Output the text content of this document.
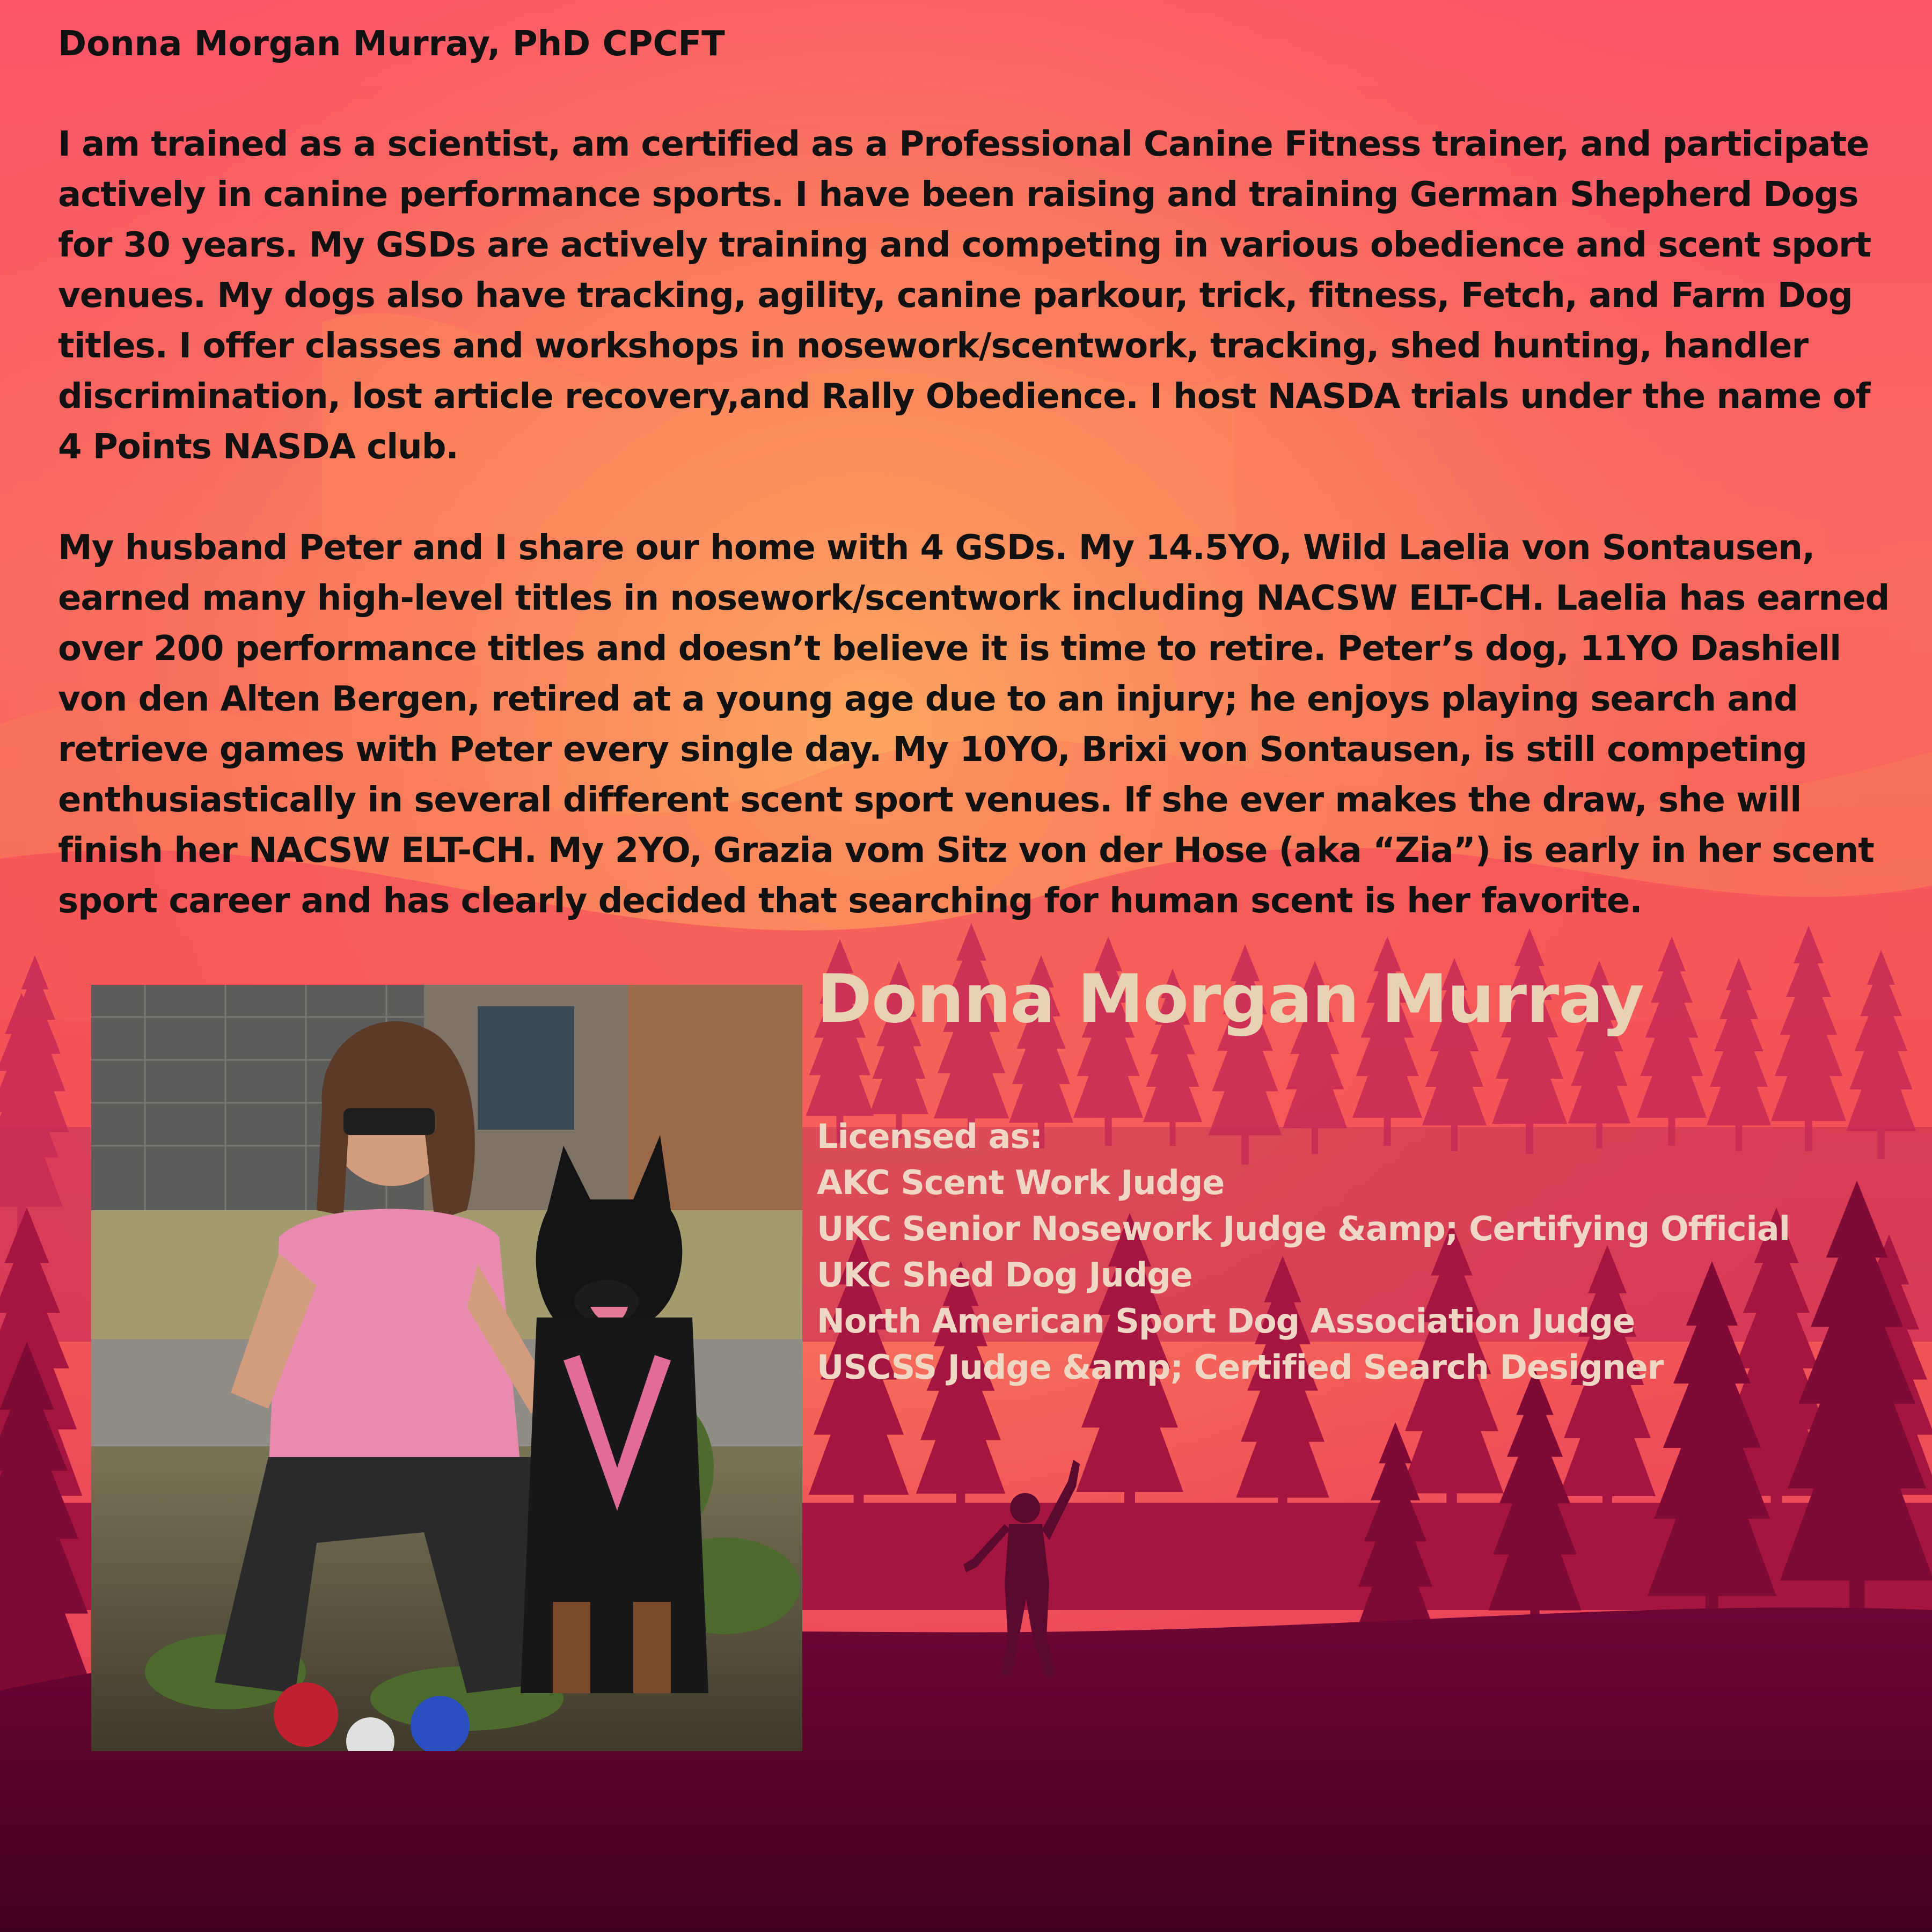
Donna Morgan Murray, PhD CPCFT

I am trained as a scientist, am certified as a Professional Canine Fitness trainer, and participate actively in canine performance sports. I have been raising and training German Shepherd Dogs for 30 years. My GSDs are actively training and competing in various obedience and scent sport venues. My dogs also have tracking, agility, canine parkour, trick, fitness, Fetch, and Farm Dog titles. I offer classes and workshops in nosework/scentwork, tracking, shed hunting, handler discrimination, lost article recovery,and Rally Obedience. I host NASDA trials under the name of 4 Points NASDA club.

My husband Peter and I share our home with 4 GSDs. My 14.5YO, Wild Laelia von Sontausen, earned many high-level titles in nosework/scentwork including NACSW ELT-CH. Laelia has earned over 200 performance titles and doesn’t believe it is time to retire. Peter’s dog, 11YO Dashiell von den Alten Bergen, retired at a young age due to an injury; he enjoys playing search and retrieve games with Peter every single day. My 10YO, Brixi von Sontausen, is still competing enthusiastically in several different scent sport venues. If she ever makes the draw, she will finish her NACSW ELT-CH. My 2YO, Grazia vom Sitz von der Hose (aka “Zia”) is early in her scent sport career and has clearly decided that searching for human scent is her favorite.

Donna Morgan Murray
Licensed as:
AKC Scent Work Judge
UKC Senior Nosework Judge &amp; Certifying Official
UKC Shed Dog Judge
North American Sport Dog Association Judge
USCSS Judge &amp; Certified Search Designer
